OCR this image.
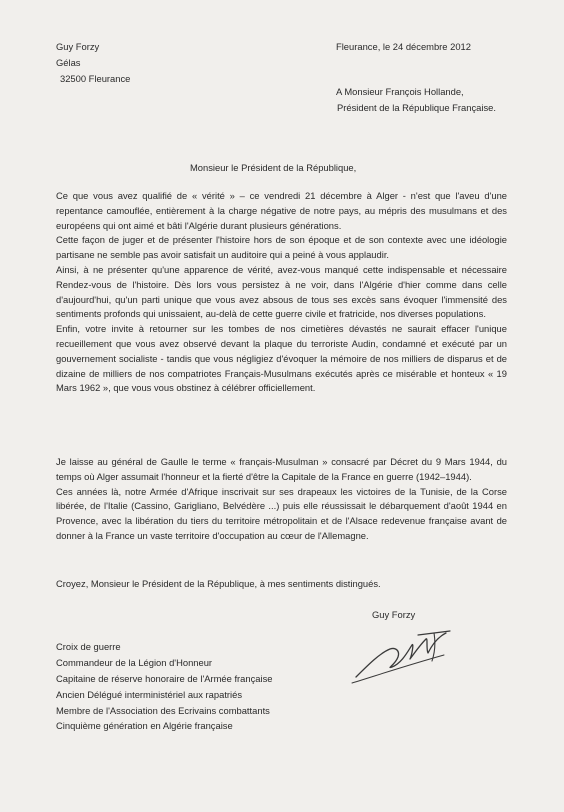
Guy Forzy
Gélas
32500 Fleurance
Fleurance, le 24 décembre 2012
A Monsieur François Hollande,
Président de la République Française.
Monsieur le Président de la République,

Ce que vous avez qualifié de « vérité » – ce vendredi 21 décembre à Alger - n'est que l'aveu d'une repentance camouflée, entièrement à la charge négative de notre pays, au mépris des musulmans et des européens qui ont aimé et bâti l'Algérie durant plusieurs générations.

Cette façon de juger et de présenter l'histoire hors de son époque et de son contexte avec une idéologie partisane ne semble pas avoir satisfait un auditoire qui a peiné à vous applaudir.

Ainsi, à ne présenter qu'une apparence de vérité, avez-vous manqué cette indispensable et nécessaire Rendez-vous de l'histoire. Dès lors vous persistez à ne voir, dans l'Algérie d'hier comme dans celle d'aujourd'hui, qu'un parti unique que vous avez absous de tous ses excès sans évoquer l'immensité des sentiments profonds qui unissaient, au-delà de cette guerre civile et fratricide, nos diverses populations.

Enfin, votre invite à retourner sur les tombes de nos cimetières dévastés ne saurait effacer l'unique recueillement que vous avez observé devant la plaque du terroriste Audin, condamné et exécuté par un gouvernement socialiste - tandis que vous négligiez d'évoquer la mémoire de nos milliers de disparus et de dizaine de milliers de nos compatriotes Français-Musulmans exécutés après ce misérable et honteux « 19 Mars 1962 », que vous vous obstinez à célébrer officiellement.

Je laisse au général de Gaulle le terme « français-Musulman » consacré par Décret du 9 Mars 1944, du temps où Alger assumait l'honneur et la fierté d'être la Capitale de la France en guerre (1942–1944).

Ces années là, notre Armée d'Afrique inscrivait sur ses drapeaux les victoires de la Tunisie, de la Corse libérée, de l'Italie (Cassino, Garigliano, Belvédère ...) puis elle réussissait le débarquement d'août 1944 en Provence, avec la libération du tiers du territoire métropolitain et de l'Alsace redevenue française avant de donner à la France un vaste territoire d'occupation au cœur de l'Allemagne.

Croyez, Monsieur le Président de la République, à mes sentiments distingués.
Guy Forzy
Croix de guerre
Commandeur de la Légion d'Honneur
Capitaine de réserve honoraire de l'Armée française
Ancien Délégué interministériel aux rapatriés
Membre de l'Association des Ecrivains combattants
Cinquième génération en Algérie française
